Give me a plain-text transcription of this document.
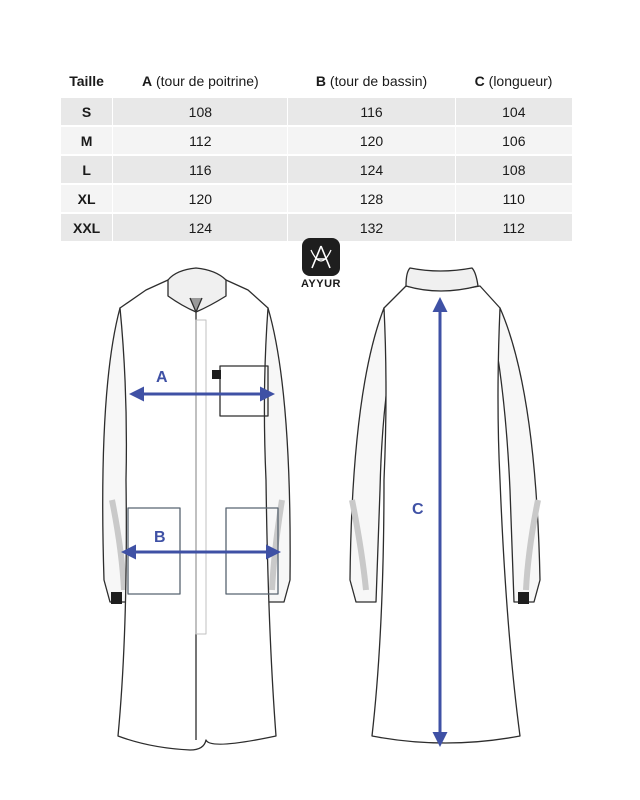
Taille	A (tour de poitrine)	B (tour de bassin)	C (longueur)
S	108	116	104
M	112	120	106
L	116	124	108
XL	120	128	110
XXL	124	132	112
AYYUR
A
B
C
